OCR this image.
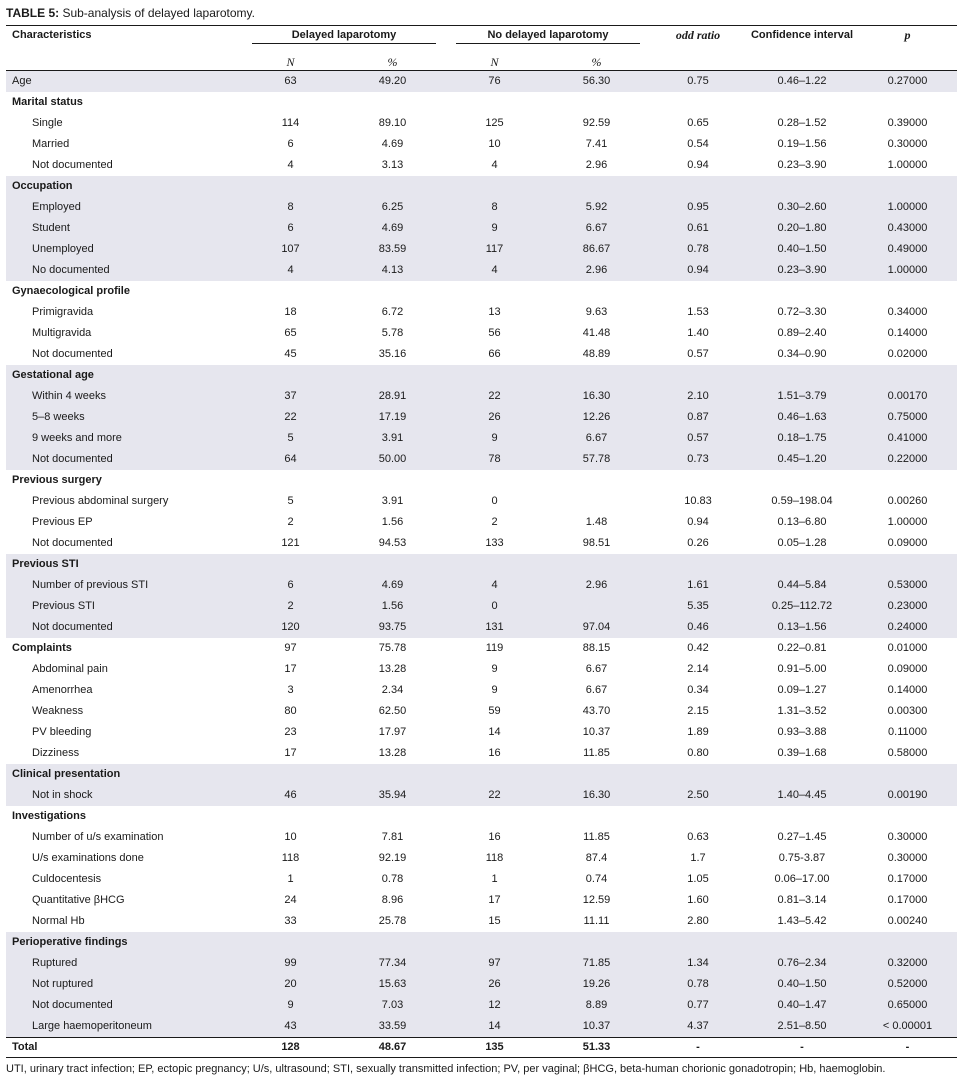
TABLE 5: Sub-analysis of delayed laparotomy.
Characteristics	Delayed laparotomy		No delayed laparotomy		odd ratio	Confidence interval	p
	N	%	N	%			
Age	63	49.20	76	56.30	0.75	0.46–1.22	0.27000
Marital status							
Single	114	89.10	125	92.59	0.65	0.28–1.52	0.39000
Married	6	4.69	10	7.41	0.54	0.19–1.56	0.30000
Not documented	4	3.13	4	2.96	0.94	0.23–3.90	1.00000
Occupation							
Employed	8	6.25	8	5.92	0.95	0.30–2.60	1.00000
Student	6	4.69	9	6.67	0.61	0.20–1.80	0.43000
Unemployed	107	83.59	117	86.67	0.78	0.40–1.50	0.49000
No documented	4	4.13	4	2.96	0.94	0.23–3.90	1.00000
Gynaecological profile							
Primigravida	18	6.72	13	9.63	1.53	0.72–3.30	0.34000
Multigravida	65	5.78	56	41.48	1.40	0.89–2.40	0.14000
Not documented	45	35.16	66	48.89	0.57	0.34–0.90	0.02000
Gestational age							
Within 4 weeks	37	28.91	22	16.30	2.10	1.51–3.79	0.00170
5–8 weeks	22	17.19	26	12.26	0.87	0.46–1.63	0.75000
9 weeks and more	5	3.91	9	6.67	0.57	0.18–1.75	0.41000
Not documented	64	50.00	78	57.78	0.73	0.45–1.20	0.22000
Previous surgery							
Previous abdominal surgery	5	3.91	0		10.83	0.59–198.04	0.00260
Previous EP	2	1.56	2	1.48	0.94	0.13–6.80	1.00000
Not documented	121	94.53	133	98.51	0.26	0.05–1.28	0.09000
Previous STI							
Number of previous STI	6	4.69	4	2.96	1.61	0.44–5.84	0.53000
Previous STI	2	1.56	0		5.35	0.25–112.72	0.23000
Not documented	120	93.75	131	97.04	0.46	0.13–1.56	0.24000
Complaints	97	75.78	119	88.15	0.42	0.22–0.81	0.01000
Abdominal pain	17	13.28	9	6.67	2.14	0.91–5.00	0.09000
Amenorrhea	3	2.34	9	6.67	0.34	0.09–1.27	0.14000
Weakness	80	62.50	59	43.70	2.15	1.31–3.52	0.00300
PV bleeding	23	17.97	14	10.37	1.89	0.93–3.88	0.11000
Dizziness	17	13.28	16	11.85	0.80	0.39–1.68	0.58000
Clinical presentation							
Not in shock	46	35.94	22	16.30	2.50	1.40–4.45	0.00190
Investigations							
Number of u/s examination	10	7.81	16	11.85	0.63	0.27–1.45	0.30000
U/s examinations done	118	92.19	118	87.4	1.7	0.75-3.87	0.30000
Culdocentesis	1	0.78	1	0.74	1.05	0.06–17.00	0.17000
Quantitative βHCG	24	8.96	17	12.59	1.60	0.81–3.14	0.17000
Normal Hb	33	25.78	15	11.11	2.80	1.43–5.42	0.00240
Perioperative findings							
Ruptured	99	77.34	97	71.85	1.34	0.76–2.34	0.32000
Not ruptured	20	15.63	26	19.26	0.78	0.40–1.50	0.52000
Not documented	9	7.03	12	8.89	0.77	0.40–1.47	0.65000
Large haemoperitoneum	43	33.59	14	10.37	4.37	2.51–8.50	< 0.00001
Total	128	48.67	135	51.33	-	-	-
UTI, urinary tract infection; EP, ectopic pregnancy; U/s, ultrasound; STI, sexually transmitted infection; PV, per vaginal; βHCG, beta-human chorionic gonadotropin; Hb, haemoglobin.
